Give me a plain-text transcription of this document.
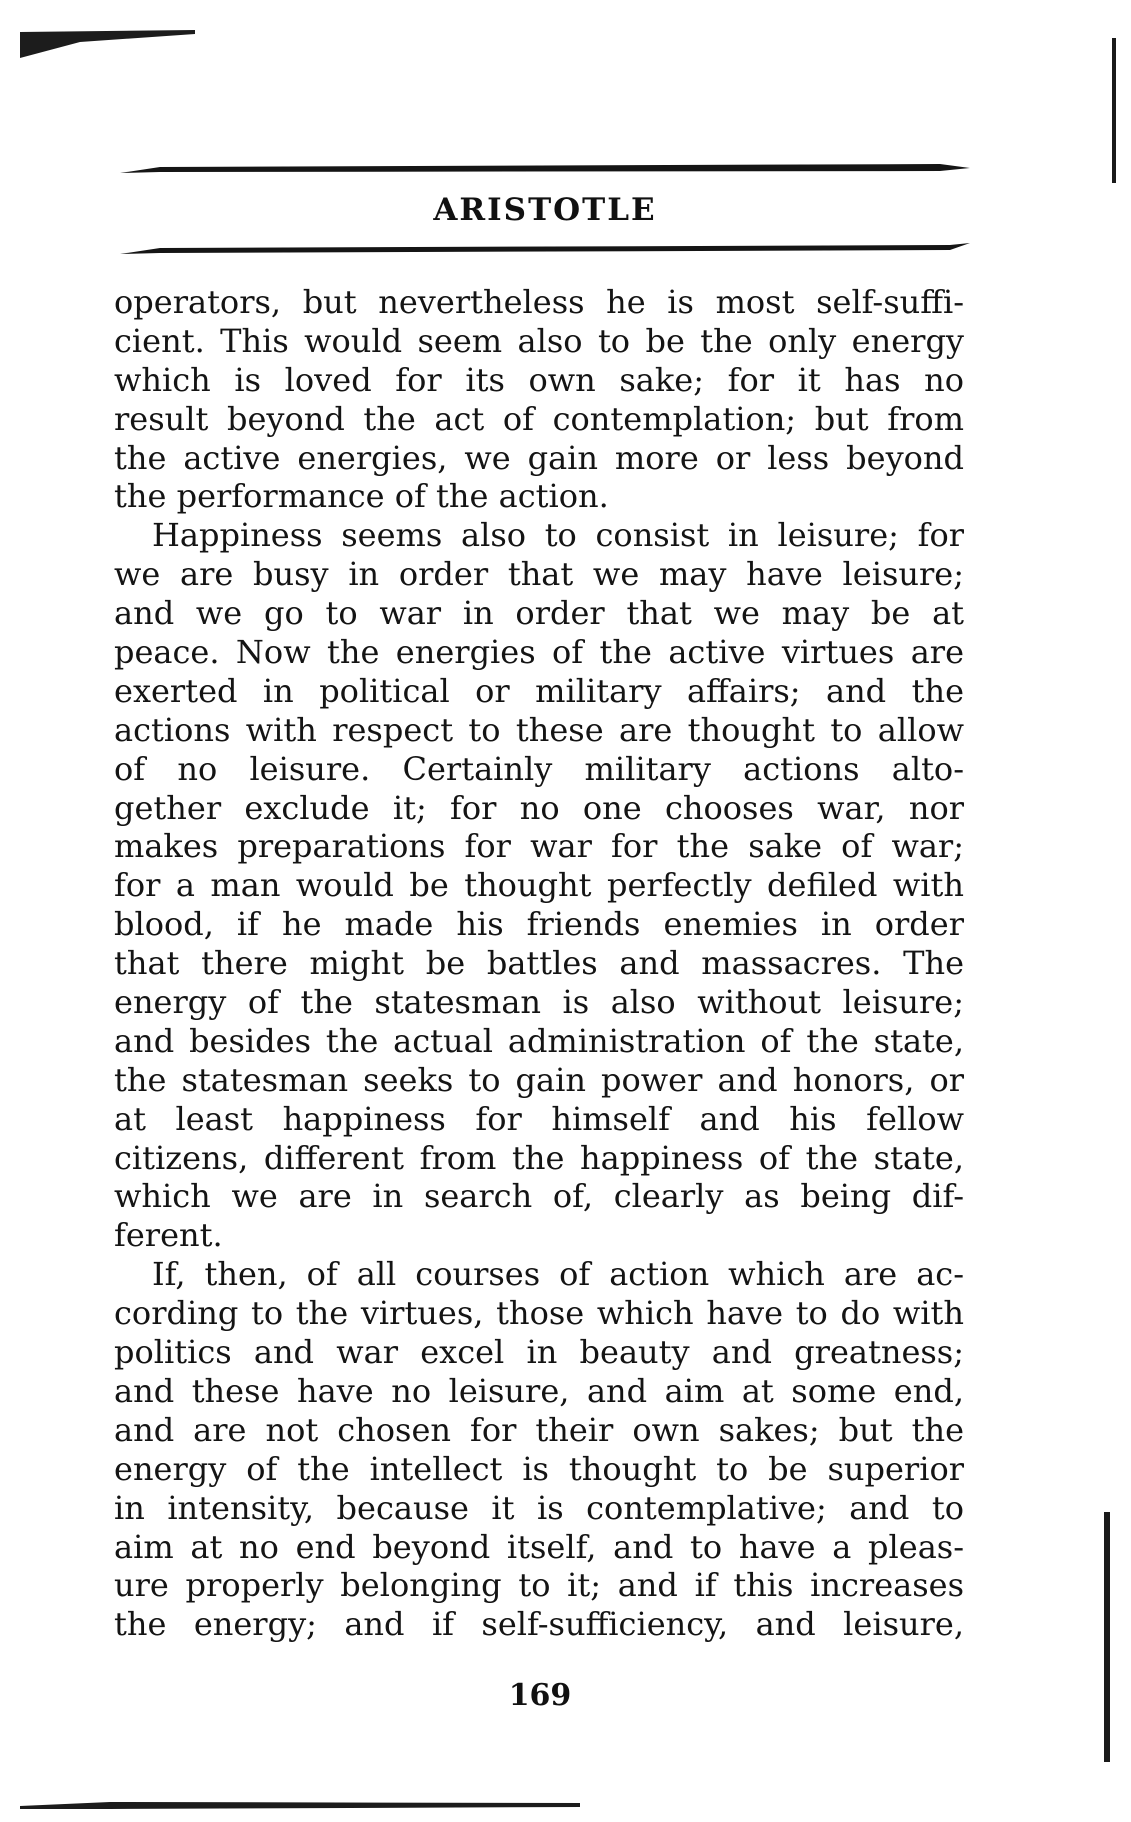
ARISTOTLE
operators, but nevertheless he is most self-suffi-
cient. This would seem also to be the only energy
which is loved for its own sake; for it has no
result beyond the act of contemplation; but from
the active energies, we gain more or less beyond
the performance of the action.
Happiness seems also to consist in leisure; for
we are busy in order that we may have leisure;
and we go to war in order that we may be at
peace. Now the energies of the active virtues are
exerted in political or military affairs; and the
actions with respect to these are thought to allow
of no leisure. Certainly military actions alto-
gether exclude it; for no one chooses war, nor
makes preparations for war for the sake of war;
for a man would be thought perfectly defiled with
blood, if he made his friends enemies in order
that there might be battles and massacres. The
energy of the statesman is also without leisure;
and besides the actual administration of the state,
the statesman seeks to gain power and honors, or
at least happiness for himself and his fellow
citizens, different from the happiness of the state,
which we are in search of, clearly as being dif-
ferent.
If, then, of all courses of action which are ac-
cording to the virtues, those which have to do with
politics and war excel in beauty and greatness;
and these have no leisure, and aim at some end,
and are not chosen for their own sakes; but the
energy of the intellect is thought to be superior
in intensity, because it is contemplative; and to
aim at no end beyond itself, and to have a pleas-
ure properly belonging to it; and if this increases
the energy; and if self-sufficiency, and leisure,
169
